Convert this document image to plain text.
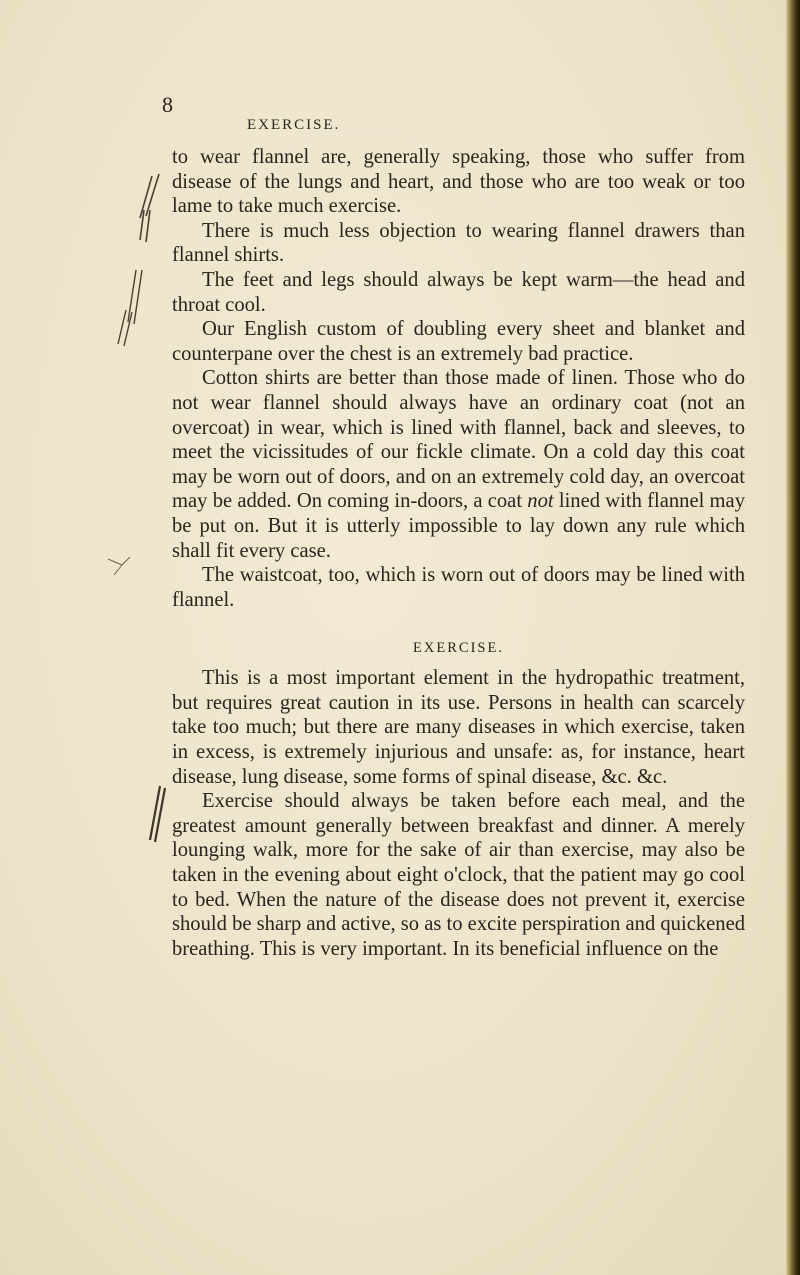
8
EXERCISE.

to wear flannel are, generally speaking, those who suffer from disease of the lungs and heart, and those who are too weak or too lame to take much exercise.

There is much less objection to wearing flannel drawers than flannel shirts.

The feet and legs should always be kept warm—the head and throat cool.

Our English custom of doubling every sheet and blanket and counterpane over the chest is an extremely bad practice.

Cotton shirts are better than those made of linen. Those who do not wear flannel should always have an ordinary coat (not an overcoat) in wear, which is lined with flannel, back and sleeves, to meet the vicissitudes of our fickle climate. On a cold day this coat may be worn out of doors, and on an extremely cold day, an overcoat may be added. On coming in-doors, a coat not lined with flannel may be put on. But it is utterly impossible to lay down any rule which shall fit every case.

The waistcoat, too, which is worn out of doors may be lined with flannel.

EXERCISE.

This is a most important element in the hydropathic treatment, but requires great caution in its use. Persons in health can scarcely take too much; but there are many diseases in which exercise, taken in excess, is extremely injurious and unsafe: as, for instance, heart disease, lung disease, some forms of spinal disease, &c. &c.

Exercise should always be taken before each meal, and the greatest amount generally between breakfast and dinner. A merely lounging walk, more for the sake of air than exercise, may also be taken in the evening about eight o'clock, that the patient may go cool to bed. When the nature of the disease does not prevent it, exercise should be sharp and active, so as to excite perspiration and quickened breathing. This is very important. In its beneficial influence on the
